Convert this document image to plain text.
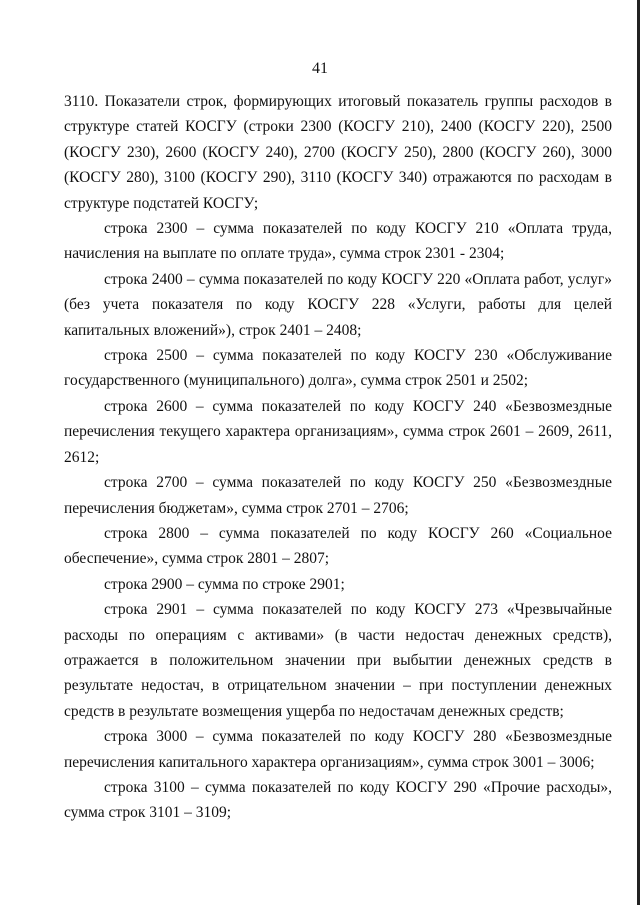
41

3110. Показатели строк, формирующих итоговый показатель группы расходов в структуре статей КОСГУ (строки 2300 (КОСГУ 210), 2400 (КОСГУ 220), 2500 (КОСГУ 230), 2600 (КОСГУ 240), 2700 (КОСГУ 250), 2800 (КОСГУ 260), 3000 (КОСГУ 280), 3100 (КОСГУ 290), 3110 (КОСГУ 340) отражаются по расходам в структуре подстатей КОСГУ;

строка 2300 – сумма показателей по коду КОСГУ 210 «Оплата труда, начисления на выплате по оплате труда», сумма строк 2301 - 2304;

строка 2400 – сумма показателей по коду КОСГУ 220 «Оплата работ, услуг» (без учета показателя по коду КОСГУ 228 «Услуги, работы для целей капитальных вложений»), строк 2401 – 2408;

строка 2500 – сумма показателей по коду КОСГУ 230 «Обслуживание государственного (муниципального) долга», сумма строк 2501 и 2502;

строка 2600 – сумма показателей по коду КОСГУ 240 «Безвозмездные перечисления текущего характера организациям», сумма строк 2601 – 2609, 2611, 2612;

строка 2700 – сумма показателей по коду КОСГУ 250 «Безвозмездные перечисления бюджетам», сумма строк 2701 – 2706;

строка 2800 – сумма показателей по коду КОСГУ 260 «Социальное обеспечение», сумма строк 2801 – 2807;

строка 2900 – сумма по строке 2901;

строка 2901 – сумма показателей по коду КОСГУ 273 «Чрезвычайные расходы по операциям с активами» (в части недостач денежных средств), отражается в положительном значении при выбытии денежных средств в результате недостач, в отрицательном значении – при поступлении денежных средств в результате возмещения ущерба по недостачам денежных средств;

строка 3000 – сумма показателей по коду КОСГУ 280 «Безвозмездные перечисления капитального характера организациям», сумма строк 3001 – 3006;

строка 3100 – сумма показателей по коду КОСГУ 290 «Прочие расходы», сумма строк 3101 – 3109;
